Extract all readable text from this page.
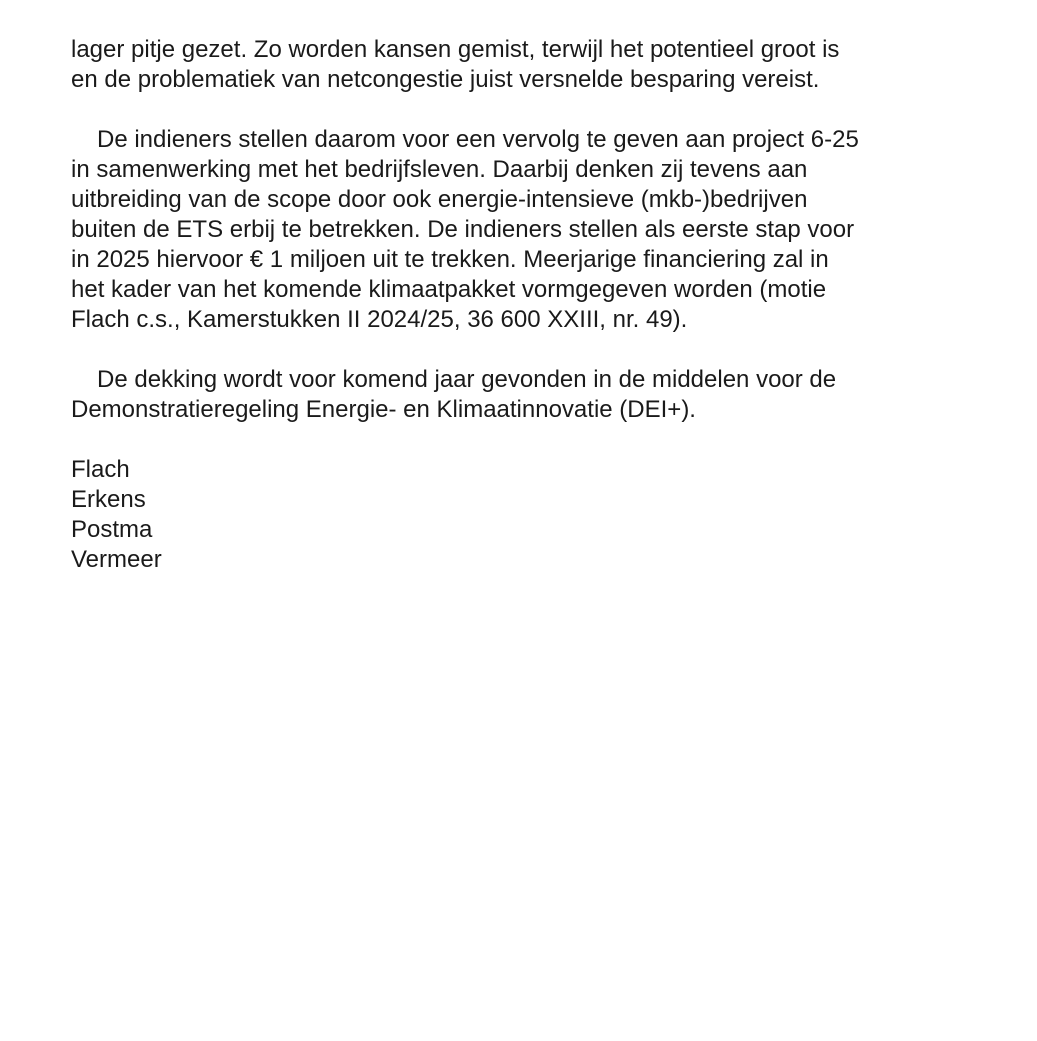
lager pitje gezet. Zo worden kansen gemist, terwijl het potentieel groot is
en de problematiek van netcongestie juist versnelde besparing vereist.
De indieners stellen daarom voor een vervolg te geven aan project 6-25
in samenwerking met het bedrijfsleven. Daarbij denken zij tevens aan
uitbreiding van de scope door ook energie-intensieve (mkb-)bedrijven
buiten de ETS erbij te betrekken. De indieners stellen als eerste stap voor
in 2025 hiervoor € 1 miljoen uit te trekken. Meerjarige financiering zal in
het kader van het komende klimaatpakket vormgegeven worden (motie
Flach c.s., Kamerstukken II 2024/25, 36 600 XXIII, nr. 49).
De dekking wordt voor komend jaar gevonden in de middelen voor de
Demonstratieregeling Energie- en Klimaatinnovatie (DEI+).
Flach
Erkens
Postma
Vermeer
